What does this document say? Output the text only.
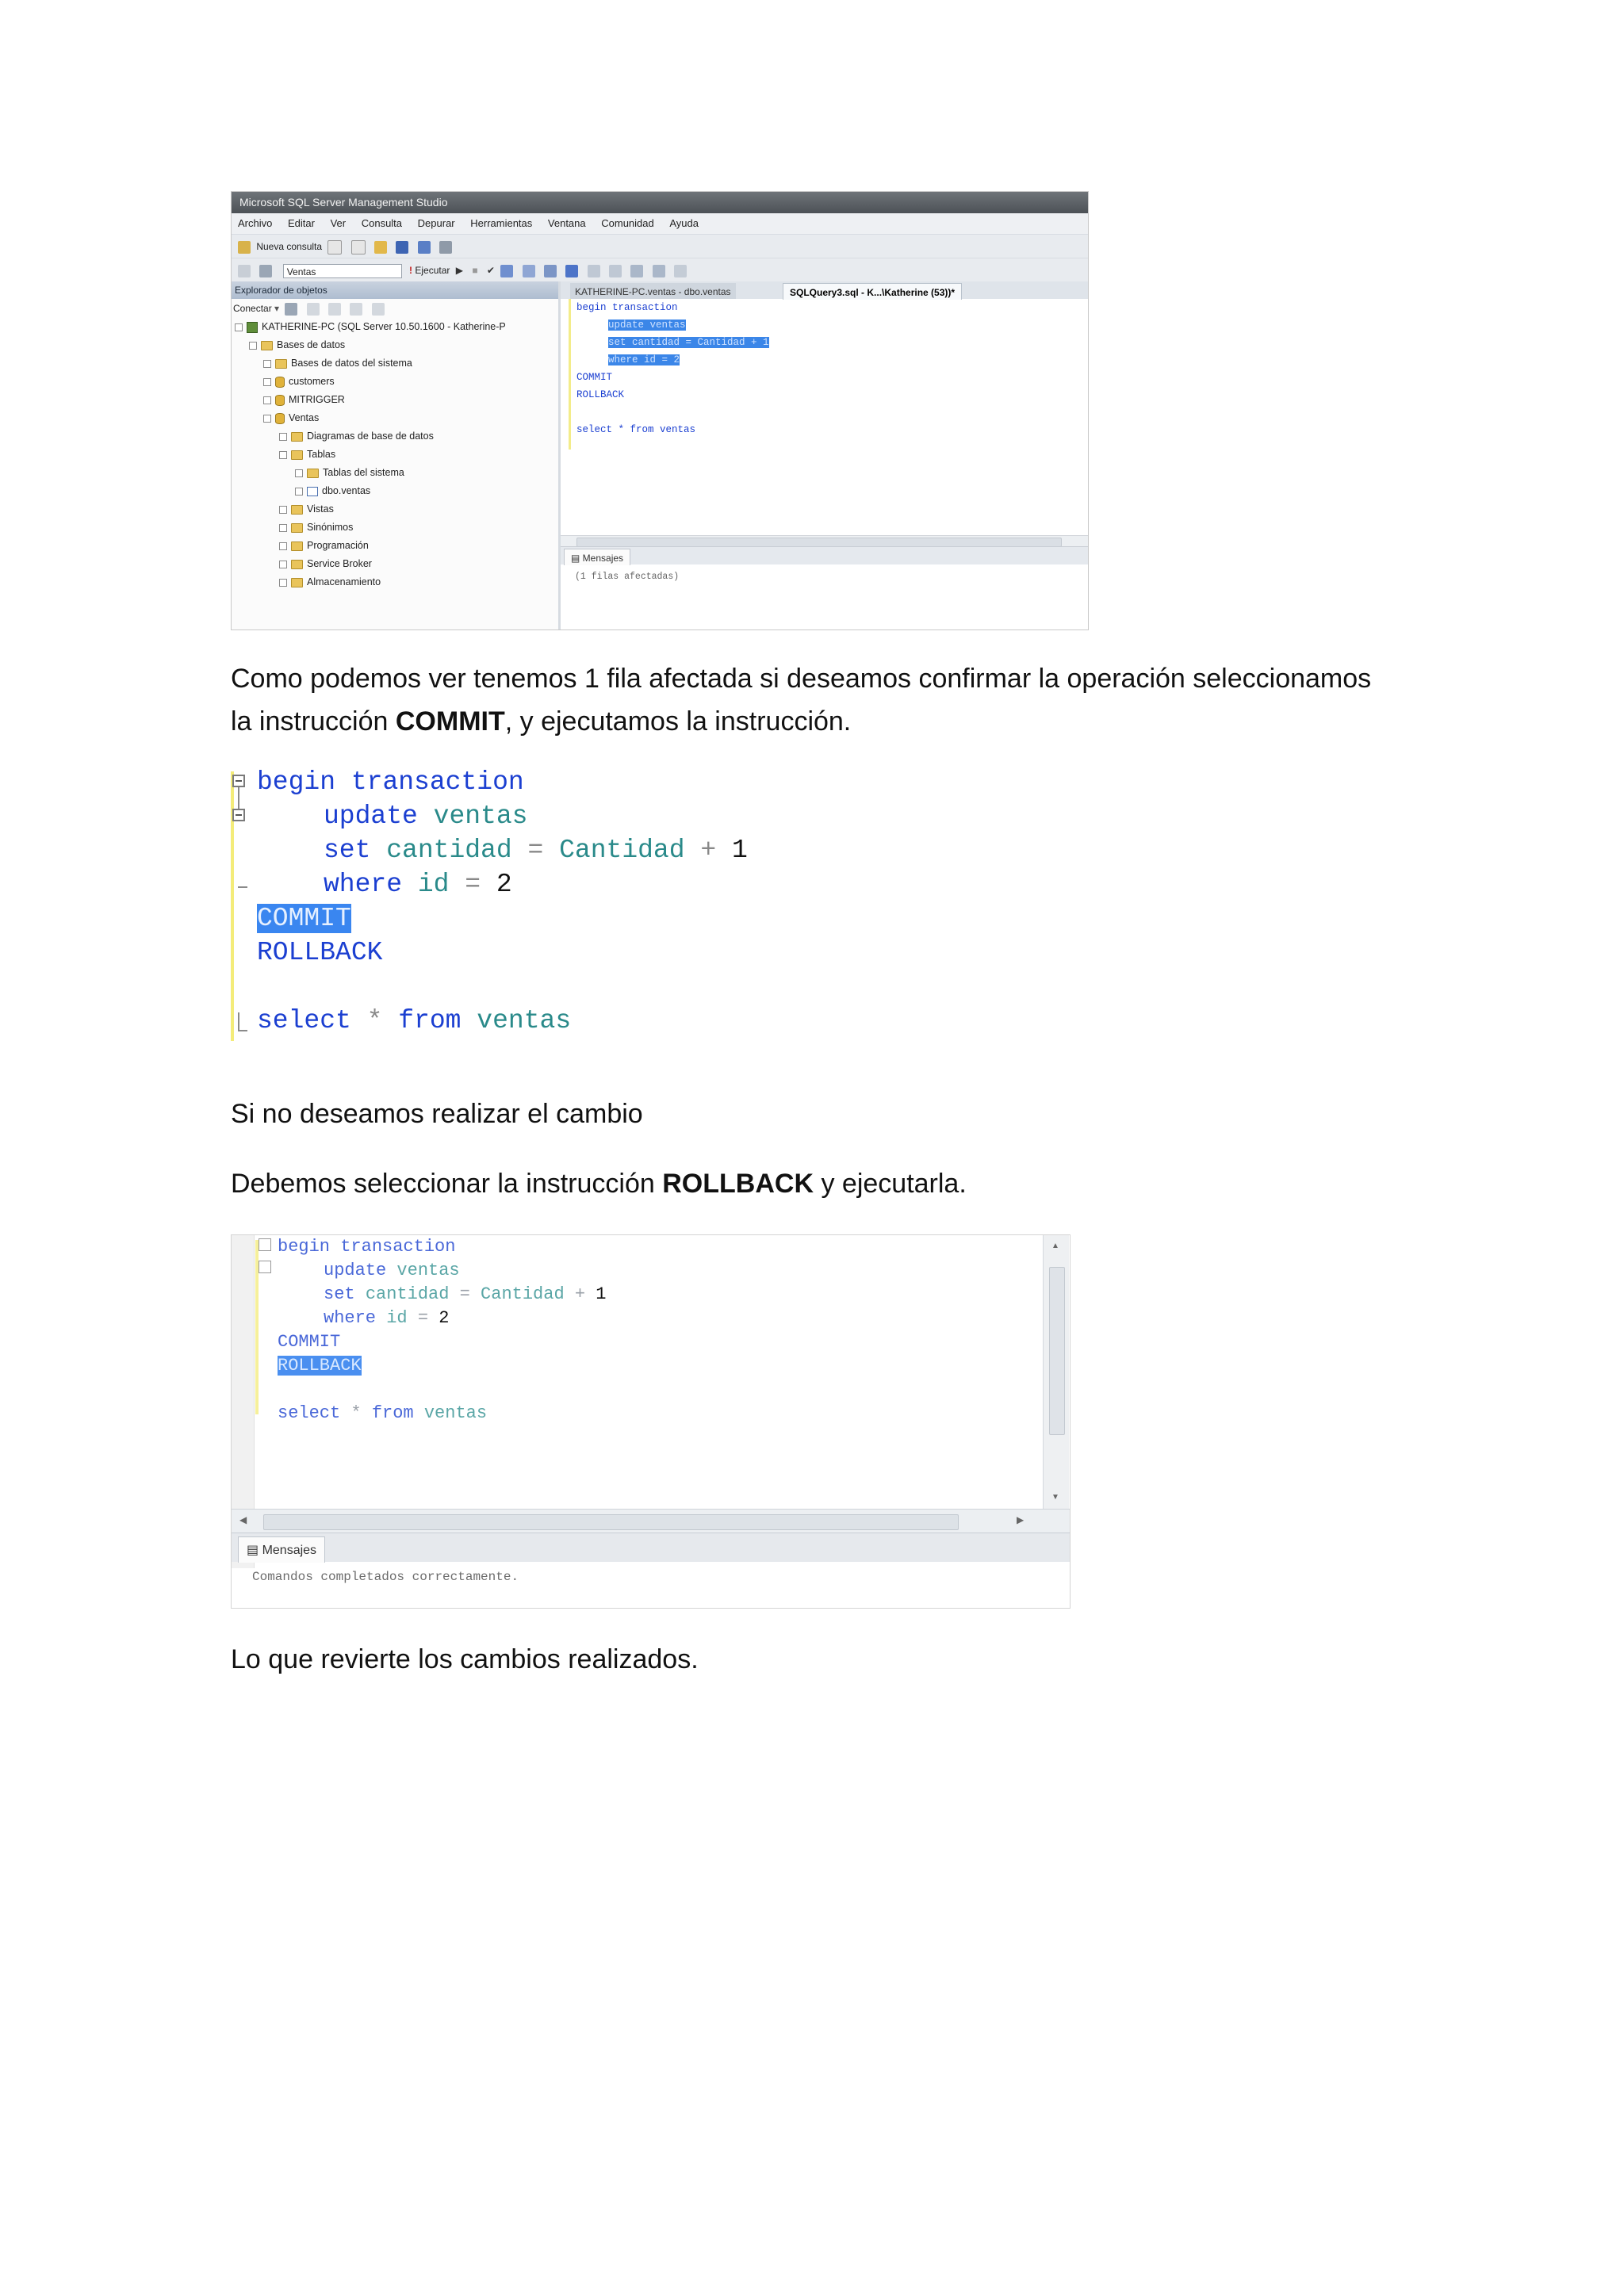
Microsoft SQL Server Management Studio
Archivo Editar Ver Consulta Depurar Herramientas Ventana Comunidad Ayuda
Nueva consulta
Ventas	! Ejecutar ▶ ■ ✔
Explorador de objetos
Conectar ▾
KATHERINE-PC (SQL Server 10.50.1600 - Katherine-P
Bases de datos
Bases de datos del sistema
customers
MITRIGGER
Ventas
Diagramas de base de datos
Tablas
Tablas del sistema
dbo.ventas
Vistas
Sinónimos
Programación
Service Broker
Almacenamiento
KATHERINE-PC.ventas - dbo.ventas	SQLQuery3.sql - K...\Katherine (53))*
begin transaction
update ventas
set cantidad = Cantidad + 1
where id = 2
COMMIT
ROLLBACK
select * from ventas
▤ Mensajes
(1 filas afectadas)
Como podemos ver tenemos 1 fila afectada si deseamos confirmar la operación seleccionamos
la instrucción COMMIT, y ejecutamos la instrucción.
begin transaction
update ventas
set cantidad = Cantidad + 1
where id = 2
COMMIT
ROLLBACK
select * from ventas
Si no deseamos realizar el cambio
Debemos seleccionar la instrucción ROLLBACK y ejecutarla.
begin transaction
update ventas
set cantidad = Cantidad + 1
where id = 2
COMMIT
ROLLBACK
select * from ventas
▲
▼
◀	▶
▤ Mensajes
Comandos completados correctamente.
Lo que revierte los cambios realizados.
